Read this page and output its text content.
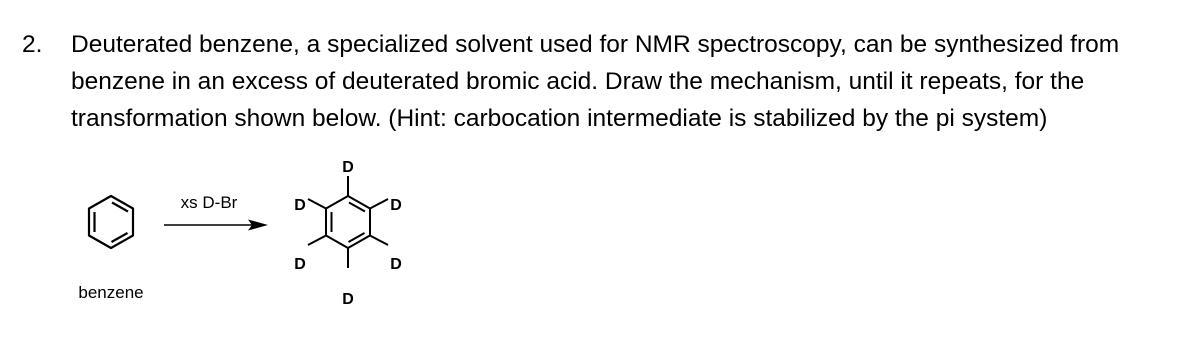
2. Deuterated benzene, a specialized solvent used for NMR spectroscopy, can be synthesized from
benzene in an excess of deuterated bromic acid. Draw the mechanism, until it repeats, for the
transformation shown below. (Hint: carbocation intermediate is stabilized by the pi system)
benzene
xs D-Br
D
D	D
D	D
D
